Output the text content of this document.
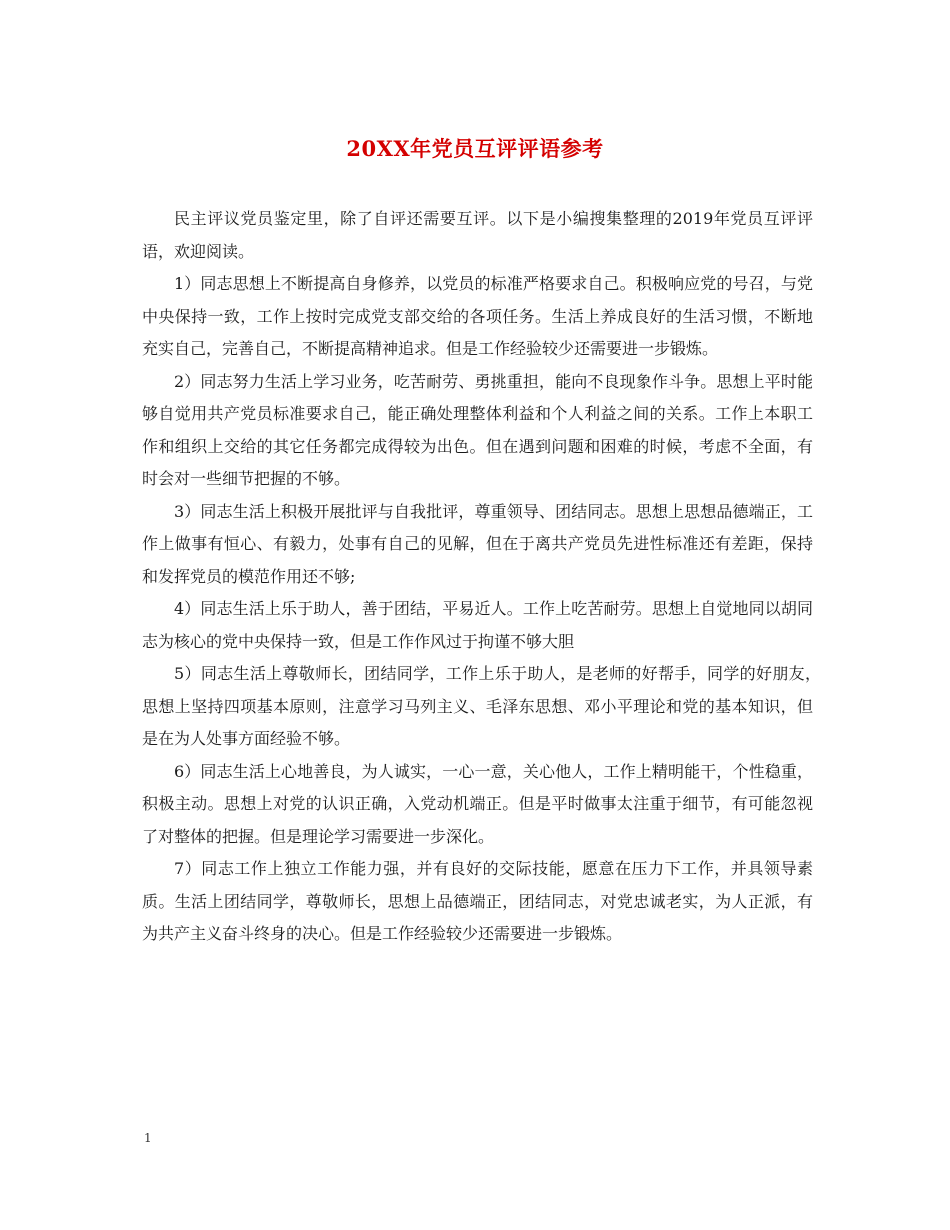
20XX年党员互评评语参考

民主评议党员鉴定里，除了自评还需要互评。以下是小编搜集整理的2019年党员互评评语，欢迎阅读。

1）同志思想上不断提高自身修养，以党员的标准严格要求自己。积极响应党的号召，与党中央保持一致，工作上按时完成党支部交给的各项任务。生活上养成良好的生活习惯，不断地充实自己，完善自己，不断提高精神追求。但是工作经验较少还需要进一步锻炼。

2）同志努力生活上学习业务，吃苦耐劳、勇挑重担，能向不良现象作斗争。思想上平时能够自觉用共产党员标准要求自己，能正确处理整体利益和个人利益之间的关系。工作上本职工作和组织上交给的其它任务都完成得较为出色。但在遇到问题和困难的时候，考虑不全面，有时会对一些细节把握的不够。

3）同志生活上积极开展批评与自我批评，尊重领导、团结同志。思想上思想品德端正，工作上做事有恒心、有毅力，处事有自己的见解，但在于离共产党员先进性标准还有差距，保持和发挥党员的模范作用还不够;

4）同志生活上乐于助人，善于团结，平易近人。工作上吃苦耐劳。思想上自觉地同以胡同志为核心的党中央保持一致，但是工作作风过于拘谨不够大胆

5）同志生活上尊敬师长，团结同学，工作上乐于助人，是老师的好帮手，同学的好朋友，　思想上坚持四项基本原则，注意学习马列主义、毛泽东思想、邓小平理论和党的基本知识，但是在为人处事方面经验不够。

6）同志生活上心地善良，为人诚实，一心一意，关心他人，工作上精明能干，个性稳重，积极主动。思想上对党的认识正确，入党动机端正。但是平时做事太注重于细节，有可能忽视了对整体的把握。但是理论学习需要进一步深化。

7）同志工作上独立工作能力强，并有良好的交际技能，愿意在压力下工作，并具领导素质。生活上团结同学，尊敬师长，思想上品德端正，团结同志，对党忠诚老实，为人正派，有为共产主义奋斗终身的决心。但是工作经验较少还需要进一步锻炼。

1
